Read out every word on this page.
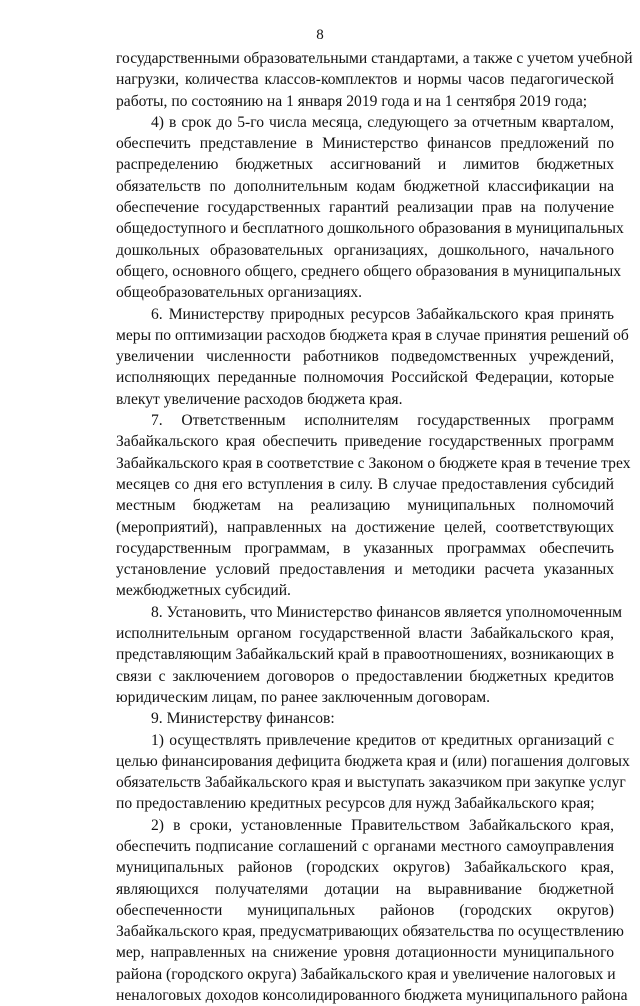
8
государственными образовательными стандартами, а также с учетом учебной
нагрузки, количества классов-комплектов и нормы часов педагогической
работы, по состоянию на 1 января 2019 года и на 1 сентября 2019 года;
4) в срок до 5-го числа месяца, следующего за отчетным кварталом,
обеспечить представление в Министерство финансов предложений по
распределению бюджетных ассигнований и лимитов бюджетных
обязательств по дополнительным кодам бюджетной классификации на
обеспечение государственных гарантий реализации прав на получение
общедоступного и бесплатного дошкольного образования в муниципальных
дошкольных образовательных организациях, дошкольного, начального
общего, основного общего, среднего общего образования в муниципальных
общеобразовательных организациях.
6. Министерству природных ресурсов Забайкальского края принять
меры по оптимизации расходов бюджета края в случае принятия решений об
увеличении численности работников подведомственных учреждений,
исполняющих переданные полномочия Российской Федерации, которые
влекут увеличение расходов бюджета края.
7. Ответственным исполнителям государственных программ
Забайкальского края обеспечить приведение государственных программ
Забайкальского края в соответствие с Законом о бюджете края в течение трех
месяцев со дня его вступления в силу. В случае предоставления субсидий
местным бюджетам на реализацию муниципальных полномочий
(мероприятий), направленных на достижение целей, соответствующих
государственным программам, в указанных программах обеспечить
установление условий предоставления и методики расчета указанных
межбюджетных субсидий.
8. Установить, что Министерство финансов является уполномоченным
исполнительным органом государственной власти Забайкальского края,
представляющим Забайкальский край в правоотношениях, возникающих в
связи с заключением договоров о предоставлении бюджетных кредитов
юридическим лицам, по ранее заключенным договорам.
9. Министерству финансов:
1) осуществлять привлечение кредитов от кредитных организаций с
целью финансирования дефицита бюджета края и (или) погашения долговых
обязательств Забайкальского края и выступать заказчиком при закупке услуг
по предоставлению кредитных ресурсов для нужд Забайкальского края;
2) в сроки, установленные Правительством Забайкальского края,
обеспечить подписание соглашений с органами местного самоуправления
муниципальных районов (городских округов) Забайкальского края,
являющихся получателями дотации на выравнивание бюджетной
обеспеченности муниципальных районов (городских округов)
Забайкальского края, предусматривающих обязательства по осуществлению
мер, направленных на снижение уровня дотационности муниципального
района (городского округа) Забайкальского края и увеличение налоговых и
неналоговых доходов консолидированного бюджета муниципального района
